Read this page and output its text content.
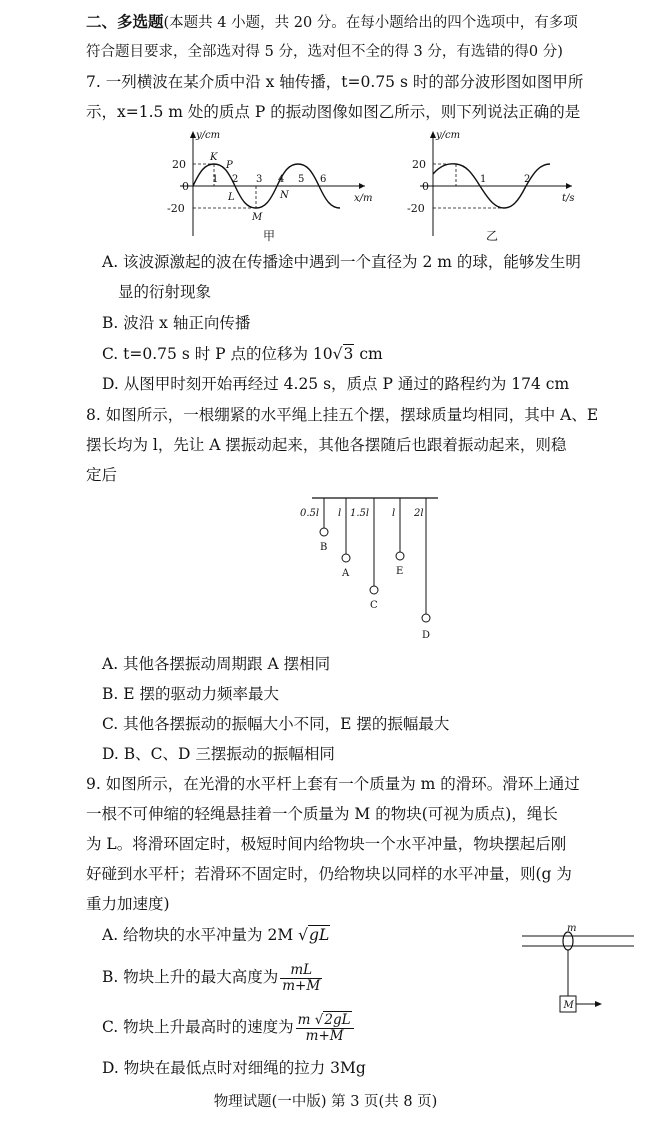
二、多选题(本题共 4 小题，共 20 分。在每小题给出的四个选项中，有多项
符合题目要求，全部选对得 5 分，选对但不全的得 3 分，有选错的得0 分)
7. 一列横波在某介质中沿 x 轴传播，t=0.75 s 时的部分波形图如图甲所
示，x=1.5 m 处的质点 P 的振动图像如图乙所示，则下列说法正确的是
y/cm
x/m
20
0
-20
1 2 3 4 5 6
K
P
L
M
N
甲
y/cm
t/s
20
0
-20
1	2
乙
A. 该波源激起的波在传播途中遇到一个直径为 2 m 的球，能够发生明
显的衍射现象
B. 波沿 x 轴正向传播
C. t=0.75 s 时 P 点的位移为 10√3 cm
D. 从图甲时刻开始再经过 4.25 s，质点 P 通过的路程约为 174 cm
8. 如图所示，一根绷紧的水平绳上挂五个摆，摆球质量均相同，其中 A、E
摆长均为 l，先让 A 摆振动起来，其他各摆随后也跟着振动起来，则稳
定后
0.5l l 1.5l l 2l
B
A
C
E
D
A. 其他各摆振动周期跟 A 摆相同
B. E 摆的驱动力频率最大
C. 其他各摆振动的振幅大小不同，E 摆的振幅最大
D. B、C、D 三摆振动的振幅相同
9. 如图所示，在光滑的水平杆上套有一个质量为 m 的滑环。滑环上通过
一根不可伸缩的轻绳悬挂着一个质量为 M 的物块(可视为质点)，绳长
为 L。将滑环固定时，极短时间内给物块一个水平冲量，物块摆起后刚
好碰到水平杆；若滑环不固定时，仍给物块以同样的水平冲量，则(g 为
重力加速度)
m
M
A. 给物块的水平冲量为 2M √gL
B. 物块上升的最大高度为 $\frac{mL}{m+M}$
C. 物块上升最高时的速度为 $\frac{m √2gL}{m+M}$
D. 物块在最低点时对细绳的拉力 3Mg
物理试题(一中版) 第 3 页(共 8 页)
